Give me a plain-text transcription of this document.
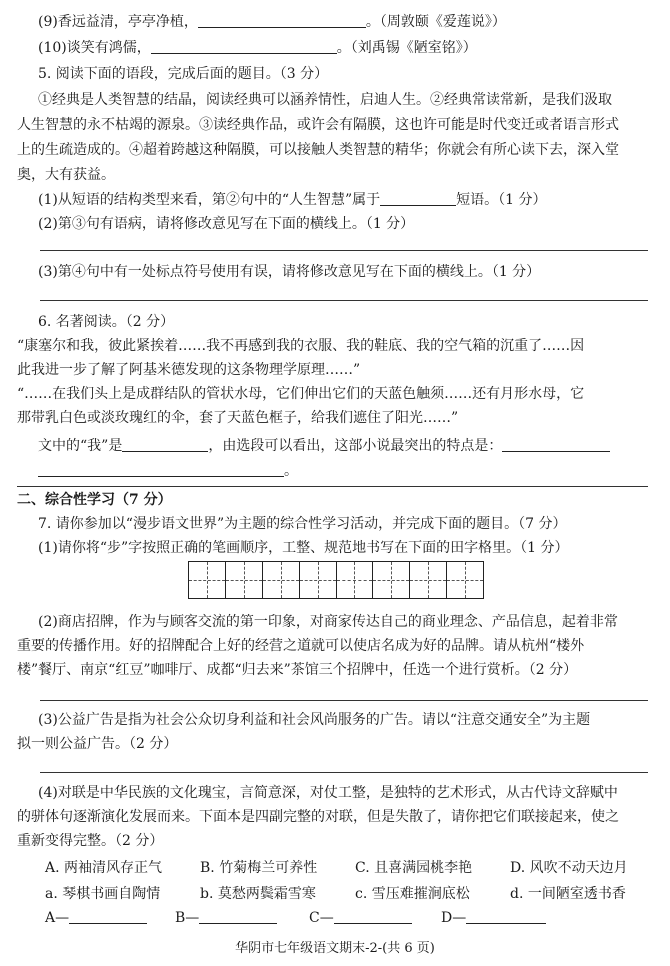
(9)香远益清，亭亭净植，	。（周敦颐《爱莲说》）
(10)谈笑有鸿儒，	。（刘禹锡《陋室铭》）
5. 阅读下面的语段，完成后面的题目。（3 分）
①经典是人类智慧的结晶，阅读经典可以涵养情性，启迪人生。②经典常读常新，是我们汲取
人生智慧的永不枯竭的源泉。③读经典作品，或许会有隔膜，这也许可能是时代变迁或者语言形式
上的生疏造成的。④超着跨越这种隔膜，可以接触人类智慧的精华；你就会有所心读下去，深入堂
奥，大有获益。
(1)从短语的结构类型来看，第②句中的“人生智慧”属于	短语。（1 分）
(2)第③句有语病，请将修改意见写在下面的横线上。（1 分）
(3)第④句中有一处标点符号使用有误，请将修改意见写在下面的横线上。（1 分）
6. 名著阅读。（2 分）
“康塞尔和我，彼此紧挨着……我不再感到我的衣服、我的鞋底、我的空气箱的沉重了……因
此我进一步了解了阿基米德发现的这条物理学原理……”
“……在我们头上是成群结队的管状水母，它们伸出它们的天蓝色触须……还有月形水母，它
那带乳白色或淡玫瑰红的伞，套了天蓝色框子，给我们遮住了阳光……”
文中的“我”是	，由选段可以看出，这部小说最突出的特点是：
。
二、综合性学习（7 分）
7. 请你参加以“漫步语文世界”为主题的综合性学习活动，并完成下面的题目。（7 分）
(1)请你将“步”字按照正确的笔画顺序，工整、规范地书写在下面的田字格里。（1 分）
(2)商店招牌，作为与顾客交流的第一印象，对商家传达自己的商业理念、产品信息，起着非常
重要的传播作用。好的招牌配合上好的经营之道就可以使店名成为好的品牌。请从杭州“楼外
楼”餐厅、南京“红豆”咖啡厅、成都“归去来”茶馆三个招牌中，任选一个进行赏析。（2 分）
(3)公益广告是指为社会公众切身利益和社会风尚服务的广告。请以“注意交通安全”为主题
拟一则公益广告。（2 分）
(4)对联是中华民族的文化瑰宝，言简意深，对仗工整，是独特的艺术形式，从古代诗文辞赋中
的骈体句逐渐演化发展而来。下面本是四副完整的对联，但是失散了，请你把它们联接起来，使之
重新变得完整。（2 分）
A. 两袖清风存正气	B. 竹菊梅兰可养性	C. 且喜满园桃李艳	D. 风吹不动天边月
a. 琴棋书画自陶情	b. 莫愁两鬓霜雪寒	c. 雪压难摧涧底松	d. 一间陋室透书香
A—	B—	C—	D—
华阴市七年级语文期末-2-(共 6 页)
